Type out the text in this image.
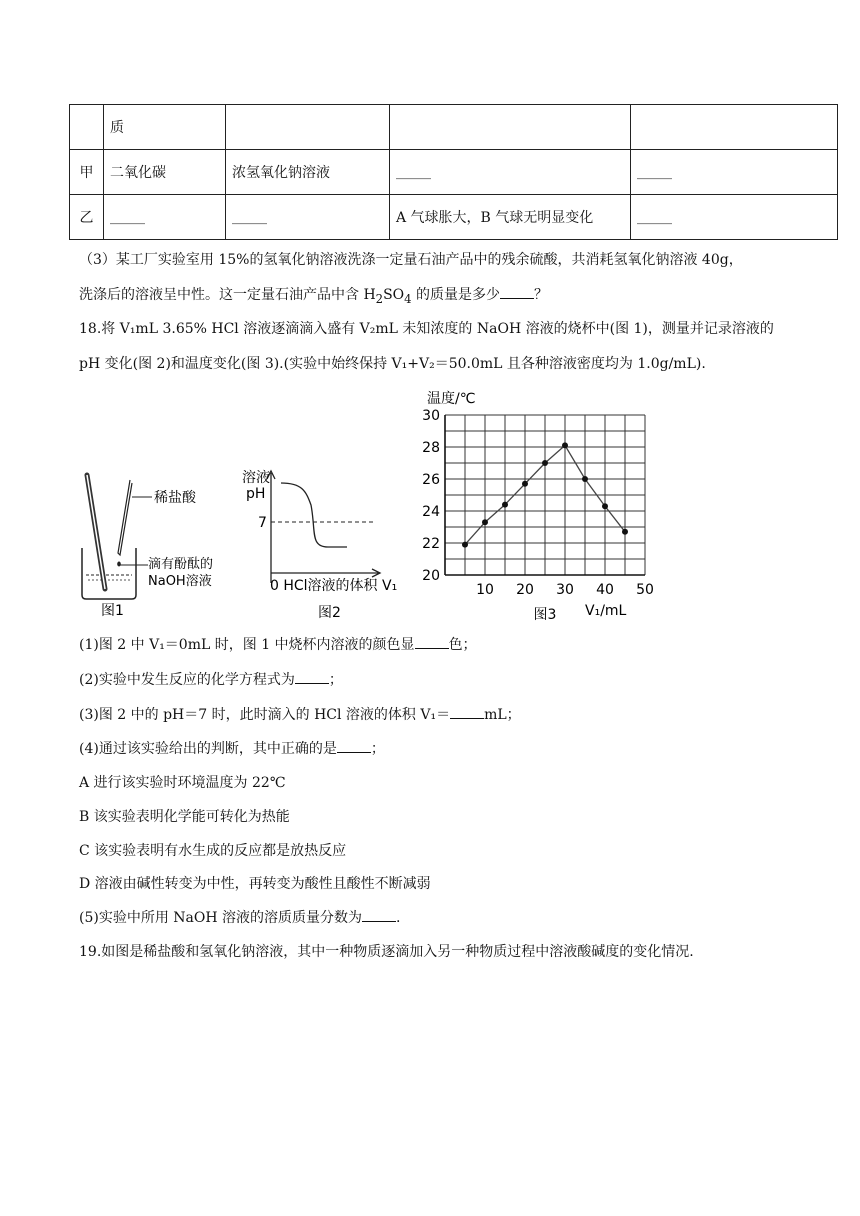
	质			
甲	二氧化碳	浓氢氧化钠溶液	_____	_____
乙	_____	_____	A 气球胀大，B 气球无明显变化	_____
（3）某工厂实验室用 15%的氢氧化钠溶液洗涤一定量石油产品中的残余硫酸，共消耗氢氧化钠溶液 40g，
洗涤后的溶液呈中性。这一定量石油产品中含 $H_2SO_4$ 的质量是多少 ？
18.将 V₁mL 3.65% HCl 溶液逐滴滴入盛有 V₂mL 未知浓度的 NaOH 溶液的烧杯中(图 1)，测量并记录溶液的
pH 变化(图 2)和温度变化(图 3).(实验中始终保持 V₁+V₂＝50.0mL 且各种溶液密度均为 1.0g/mL).
稀盐酸
滴有酚酞的
NaOH溶液
图1
溶液
pH
7
0 HCl溶液的体积 V₁
图2
20
22
24
26
28
30
10 20 30 40 50
温度/℃
V₁/mL
图3
(1)图 2 中 V₁＝0mL 时，图 1 中烧杯内溶液的颜色显 色；
(2)实验中发生反应的化学方程式为 ；
(3)图 2 中的 pH＝7 时，此时滴入的 HCl 溶液的体积 V₁＝ mL；
(4)通过该实验给出的判断，其中正确的是 ；
A 进行该实验时环境温度为 22℃
B 该实验表明化学能可转化为热能
C 该实验表明有水生成的反应都是放热反应
D 溶液由碱性转变为中性，再转变为酸性且酸性不断减弱
(5)实验中所用 NaOH 溶液的溶质质量分数为 .
19.如图是稀盐酸和氢氧化钠溶液，其中一种物质逐滴加入另一种物质过程中溶液酸碱度的变化情况.
